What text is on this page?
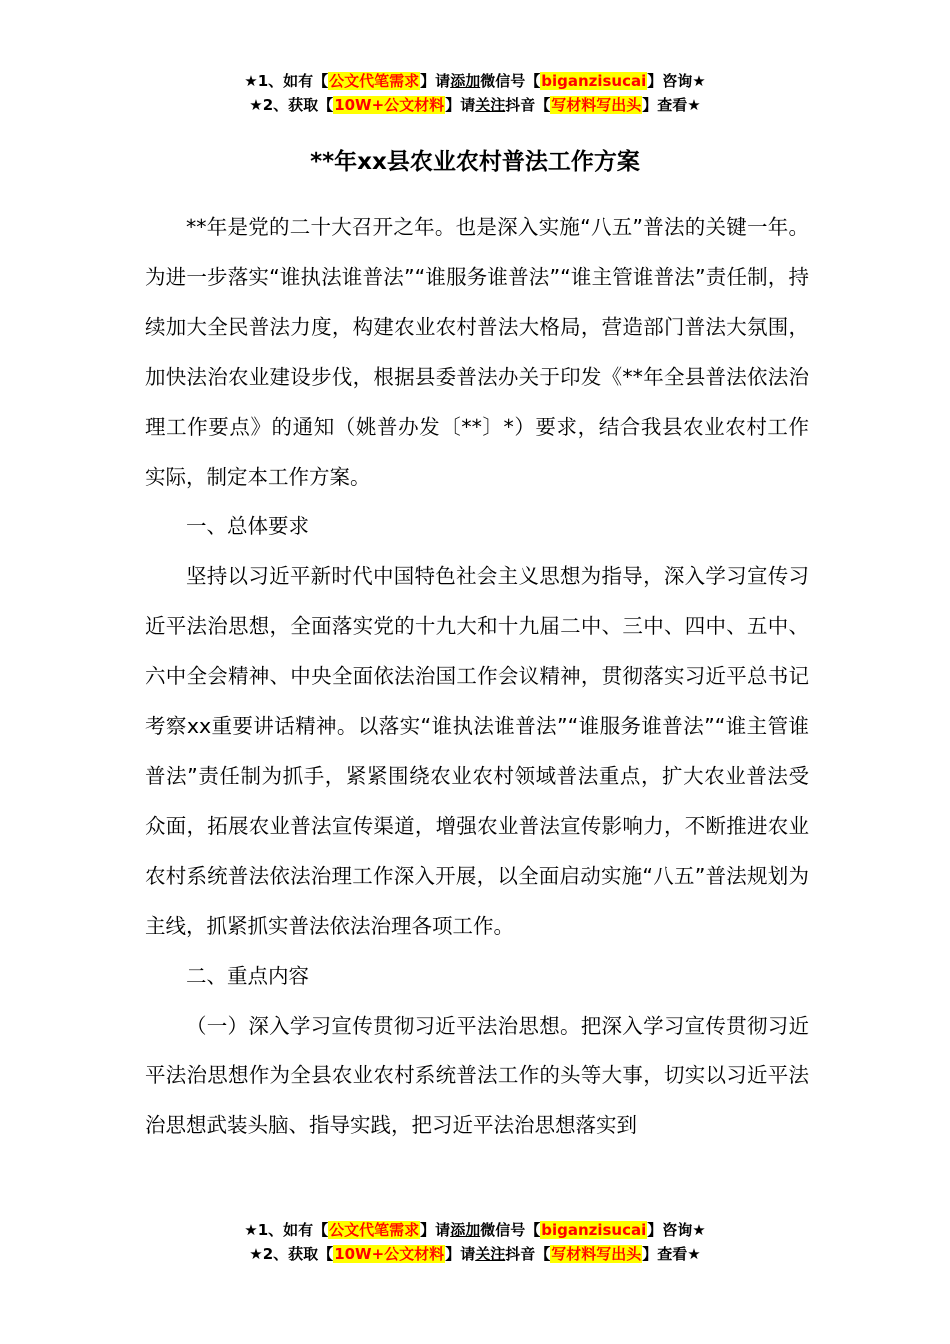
★1、如有【公文代笔需求】请添加微信号【biganzisucai】咨询★
★2、获取【10W+公文材料】请关注抖音【写材料写出头】查看★
**年xx县农业农村普法工作方案

**年是党的二十大召开之年。也是深入实施“八五”普法的关键一年。为进一步落实“谁执法谁普法”“谁服务谁普法”“谁主管谁普法”责任制，持续加大全民普法力度，构建农业农村普法大格局，营造部门普法大氛围，加快法治农业建设步伐，根据县委普法办关于印发《**年全县普法依法治理工作要点》的通知（姚普办发〔**〕*）要求，结合我县农业农村工作实际，制定本工作方案。

一、总体要求

坚持以习近平新时代中国特色社会主义思想为指导，深入学习宣传习近平法治思想，全面落实党的十九大和十九届二中、三中、四中、五中、六中全会精神、中央全面依法治国工作会议精神，贯彻落实习近平总书记考察xx重要讲话精神。以落实“谁执法谁普法”“谁服务谁普法”“谁主管谁普法”责任制为抓手，紧紧围绕农业农村领域普法重点，扩大农业普法受众面，拓展农业普法宣传渠道，增强农业普法宣传影响力，不断推进农业农村系统普法依法治理工作深入开展，以全面启动实施“八五”普法规划为主线，抓紧抓实普法依法治理各项工作。

二、重点内容

（一）深入学习宣传贯彻习近平法治思想。把深入学习宣传贯彻习近平法治思想作为全县农业农村系统普法工作的头等大事，切实以习近平法治思想武装头脑、指导实践，把习近平法治思想落实到

★1、如有【公文代笔需求】请添加微信号【biganzisucai】咨询★
★2、获取【10W+公文材料】请关注抖音【写材料写出头】查看★
